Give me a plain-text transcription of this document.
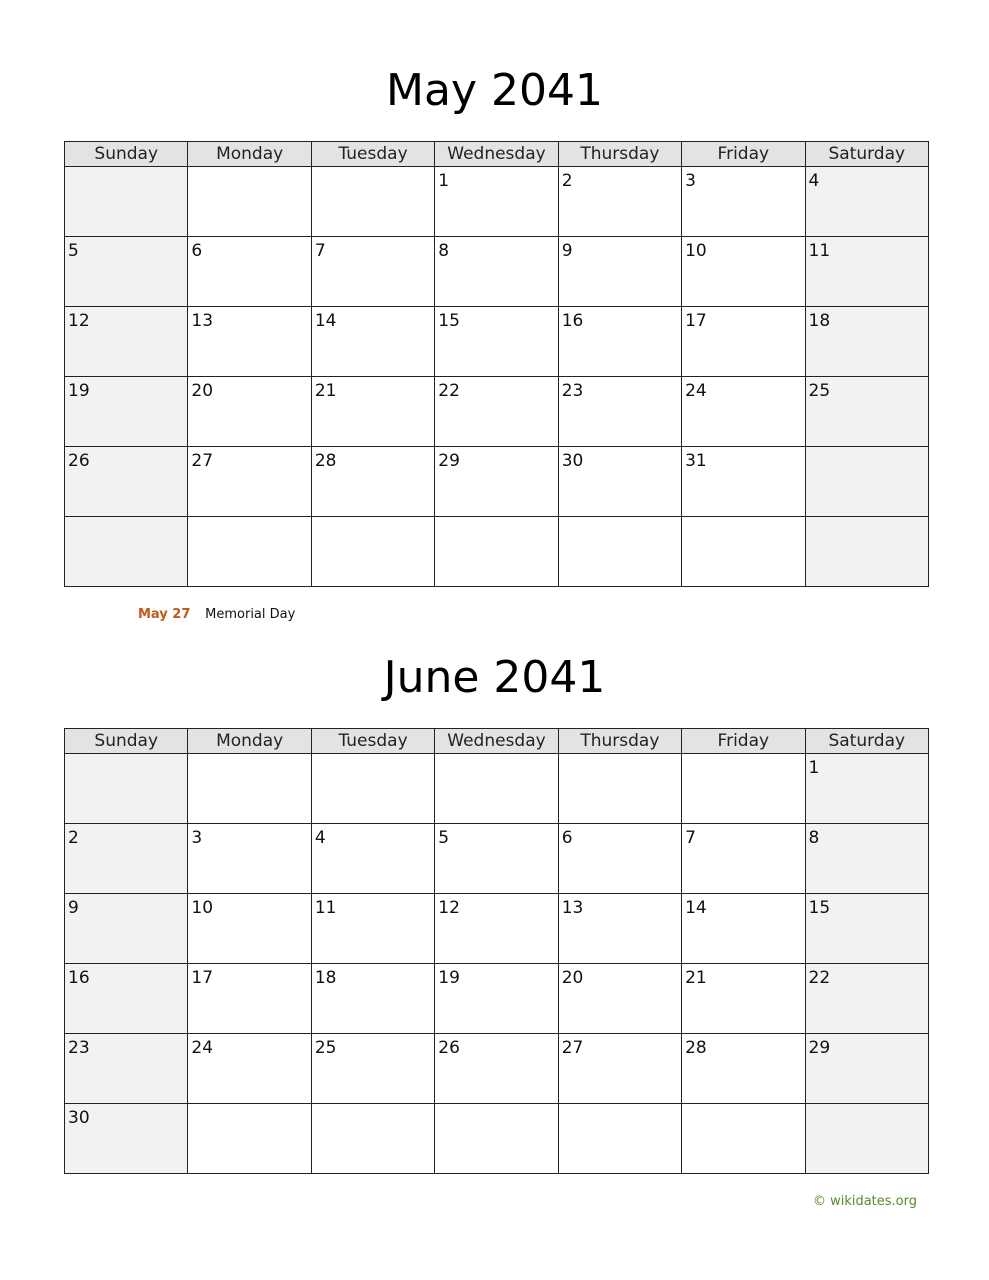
May 2041
Sunday	Monday	Tuesday	Wednesday	Thursday	Friday	Saturday

			1	2	3	4

5	6	7	8	9	10	11

12	13	14	15	16	17	18

19	20	21	22	23	24	25

26	27	28	29	30	31	

May 27 Memorial Day
June 2041
Sunday	Monday	Tuesday	Wednesday	Thursday	Friday	Saturday

						1

2	3	4	5	6	7	8

9	10	11	12	13	14	15

16	17	18	19	20	21	22

23	24	25	26	27	28	29

30						

© wikidates.org
